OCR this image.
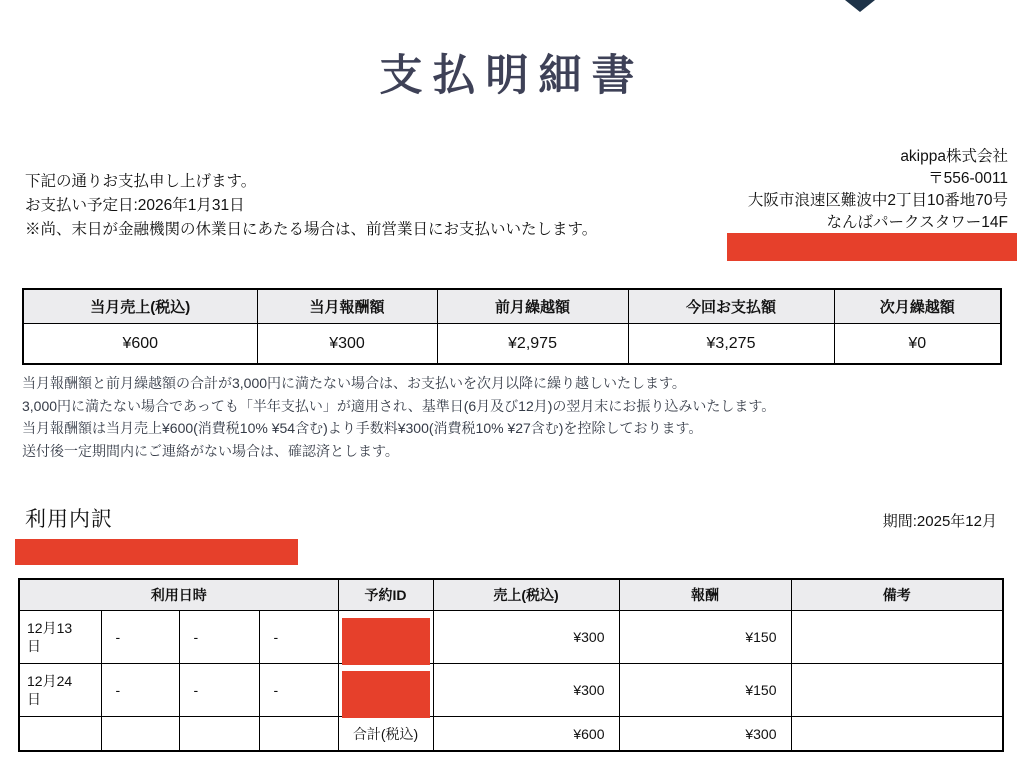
支払明細書
下記の通りお支払申し上げます。
お支払い予定日:2026年1月31日
※尚、末日が金融機関の休業日にあたる場合は、前営業日にお支払いいたします。
akippa株式会社
〒556-0011
大阪市浪速区難波中2丁目10番地70号
なんばパークスタワー14F
当月売上(税込)	当月報酬額	前月繰越額	今回お支払額	次月繰越額
¥600	¥300	¥2,975	¥3,275	¥0
当月報酬額と前月繰越額の合計が3,000円に満たない場合は、お支払いを次月以降に繰り越しいたします。
3,000円に満たない場合であっても「半年支払い」が適用され、基準日(6月及び12月)の翌月末にお振り込みいたします。
当月報酬額は当月売上¥600(消費税10% ¥54含む)より手数料¥300(消費税10% ¥27含む)を控除しております。
送付後一定期間内にご連絡がない場合は、確認済とします。
利用内訳	期間:2025年12月
利用日時				予約ID	売上(税込)	報酬	備考

12月13日	-	-	-		¥300	¥150	

12月24日	-	-	-		¥300	¥150	
				合計(税込)	¥600	¥300	
